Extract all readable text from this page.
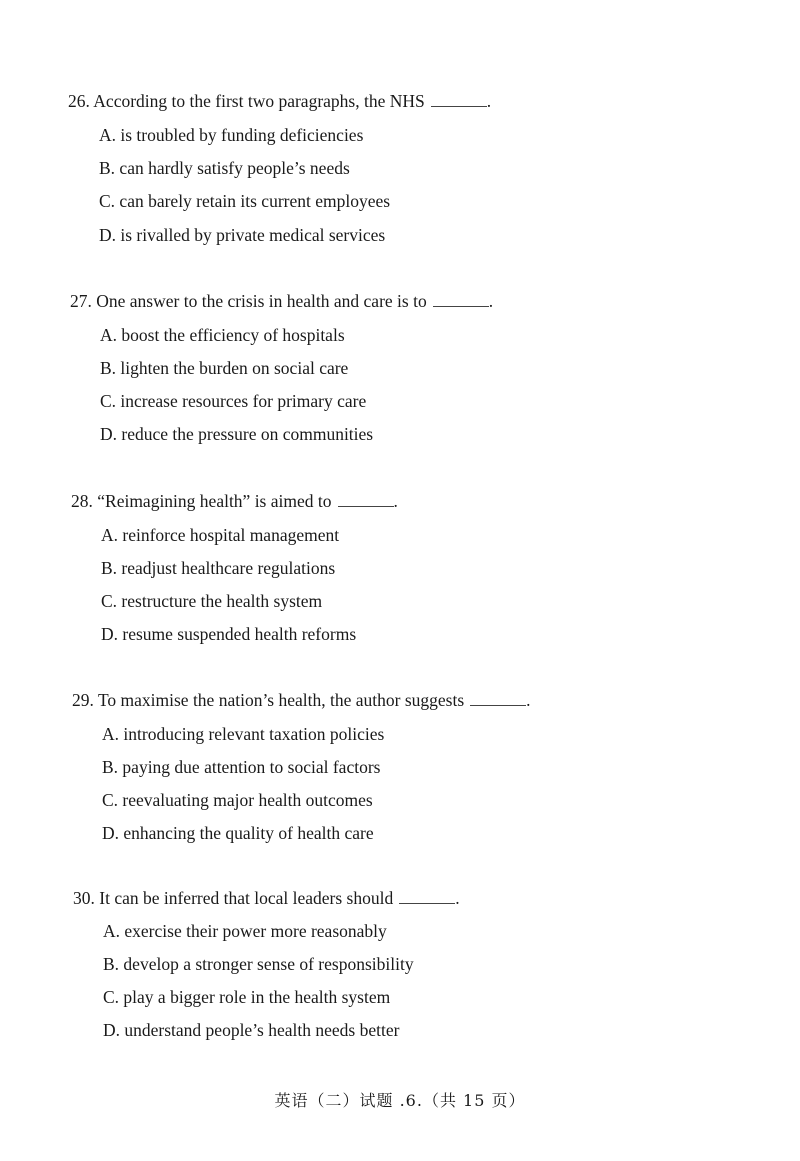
26. According to the first two paragraphs, the NHS	.
A. is troubled by funding deficiencies
B. can hardly satisfy people’s needs
C. can barely retain its current employees
D. is rivalled by private medical services
27. One answer to the crisis in health and care is to	.
A. boost the efficiency of hospitals
B. lighten the burden on social care
C. increase resources for primary care
D. reduce the pressure on communities
28. “Reimagining health” is aimed to	.
A. reinforce hospital management
B. readjust healthcare regulations
C. restructure the health system
D. resume suspended health reforms
29. To maximise the nation’s health, the author suggests	.
A. introducing relevant taxation policies
B. paying due attention to social factors
C. reevaluating major health outcomes
D. enhancing the quality of health care
30. It can be inferred that local leaders should	.
A. exercise their power more reasonably
B. develop a stronger sense of responsibility
C. play a bigger role in the health system
D. understand people’s health needs better
英语（二）试题 .6.（共 15 页）
